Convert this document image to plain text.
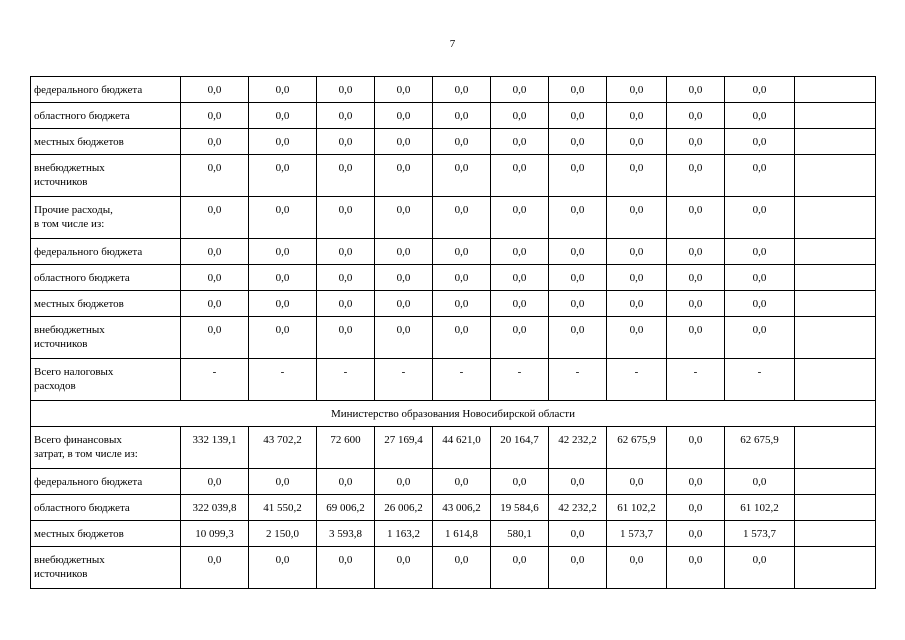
7
федерального бюджета	0,0	0,0	0,0	0,0	0,0	0,0	0,0	0,0	0,0	0,0	
областного бюджета	0,0	0,0	0,0	0,0	0,0	0,0	0,0	0,0	0,0	0,0	
местных бюджетов	0,0	0,0	0,0	0,0	0,0	0,0	0,0	0,0	0,0	0,0	
внебюджетных
источников	0,0	0,0	0,0	0,0	0,0	0,0	0,0	0,0	0,0	0,0	
Прочие расходы,
в том числе из:	0,0	0,0	0,0	0,0	0,0	0,0	0,0	0,0	0,0	0,0	
федерального бюджета	0,0	0,0	0,0	0,0	0,0	0,0	0,0	0,0	0,0	0,0	
областного бюджета	0,0	0,0	0,0	0,0	0,0	0,0	0,0	0,0	0,0	0,0	
местных бюджетов	0,0	0,0	0,0	0,0	0,0	0,0	0,0	0,0	0,0	0,0	
внебюджетных
источников	0,0	0,0	0,0	0,0	0,0	0,0	0,0	0,0	0,0	0,0	
Всего налоговых
расходов	-	-	-	-	-	-	-	-	-	-	
Министерство образования Новосибирской области											
Всего финансовых
затрат, в том числе из:	332 139,1	43 702,2	72 600	27 169,4	44 621,0	20 164,7	42 232,2	62 675,9	0,0	62 675,9	
федерального бюджета	0,0	0,0	0,0	0,0	0,0	0,0	0,0	0,0	0,0	0,0	
областного бюджета	322 039,8	41 550,2	69 006,2	26 006,2	43 006,2	19 584,6	42 232,2	61 102,2	0,0	61 102,2	
местных бюджетов	10 099,3	2 150,0	3 593,8	1 163,2	1 614,8	580,1	0,0	1 573,7	0,0	1 573,7	
внебюджетных
источников	0,0	0,0	0,0	0,0	0,0	0,0	0,0	0,0	0,0	0,0	
